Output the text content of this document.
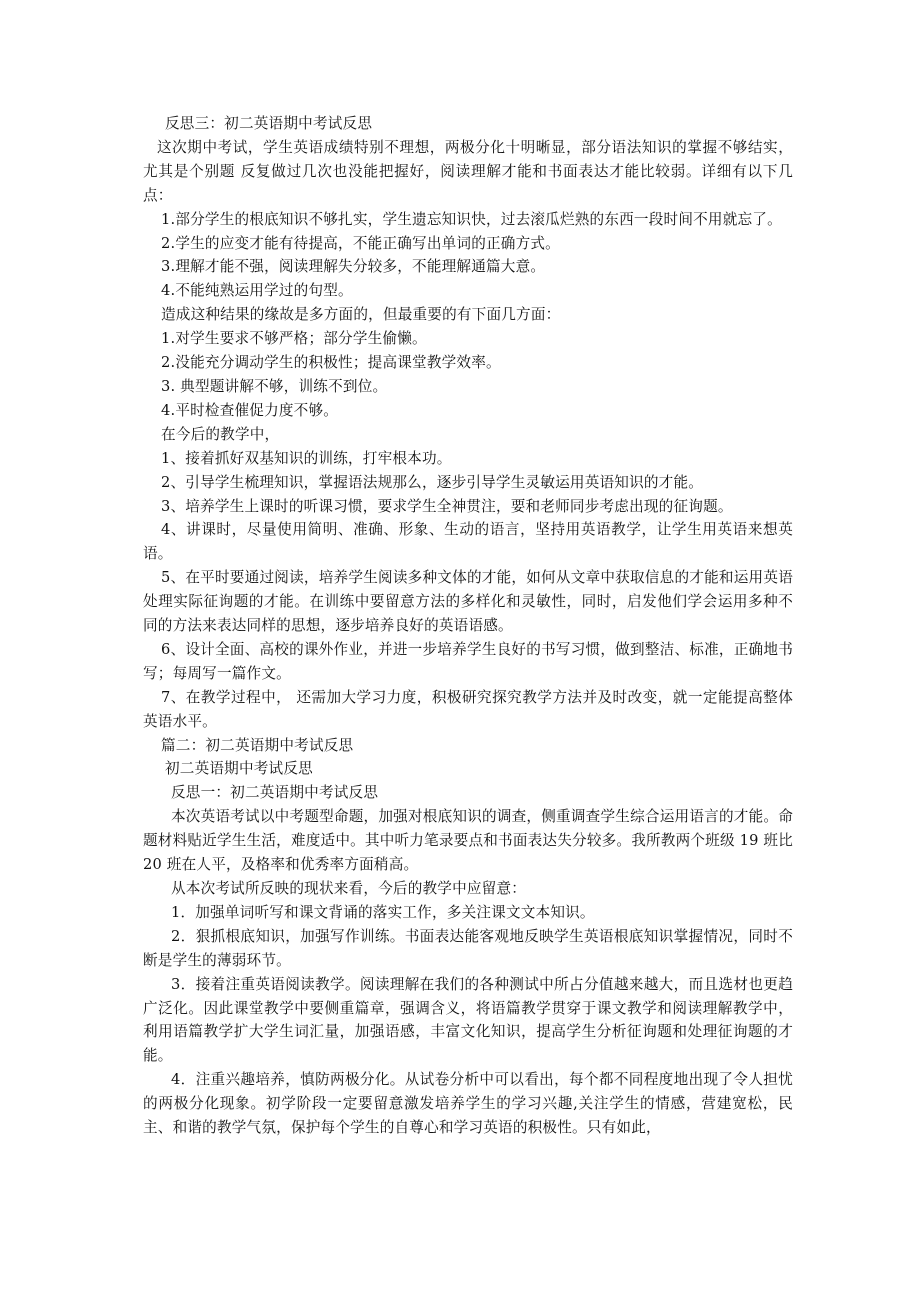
反思三：初二英语期中考试反思

这次期中考试，学生英语成绩特别不理想，两极分化十明晰显，部分语法知识的掌握不够结实，尤其是个别题 反复做过几次也没能把握好，阅读理解才能和书面表达才能比较弱。详细有以下几点：

1.部分学生的根底知识不够扎实，学生遗忘知识快，过去滚瓜烂熟的东西一段时间不用就忘了。

2.学生的应变才能有待提高，不能正确写出单词的正确方式。

3.理解才能不强，阅读理解失分较多，不能理解通篇大意。

4.不能纯熟运用学过的句型。

造成这种结果的缘故是多方面的，但最重要的有下面几方面：

1.对学生要求不够严格；部分学生偷懒。

2.没能充分调动学生的积极性；提高课堂教学效率。

3. 典型题讲解不够，训练不到位。

4.平时检查催促力度不够。

在今后的教学中，

1、接着抓好双基知识的训练，打牢根本功。

2、引导学生梳理知识，掌握语法规那么，逐步引导学生灵敏运用英语知识的才能。

3、培养学生上课时的听课习惯，要求学生全神贯注，要和老师同步考虑出现的征询题。

4、讲课时，尽量使用简明、准确、形象、生动的语言，坚持用英语教学，让学生用英语来想英语。

5、在平时要通过阅读，培养学生阅读多种文体的才能，如何从文章中获取信息的才能和运用英语处理实际征询题的才能。在训练中要留意方法的多样化和灵敏性，同时，启发他们学会运用多种不同的方法来表达同样的思想，逐步培养良好的英语语感。

6、设计全面、高校的课外作业，并进一步培养学生良好的书写习惯，做到整洁、标准，正确地书写；每周写一篇作文。

7、在教学过程中， 还需加大学习力度，积极研究探究教学方法并及时改变，就一定能提高整体英语水平。

篇二：初二英语期中考试反思

初二英语期中考试反思

反思一：初二英语期中考试反思

本次英语考试以中考题型命题，加强对根底知识的调查，侧重调查学生综合运用语言的才能。命题材料贴近学生生活，难度适中。其中听力笔录要点和书面表达失分较多。我所教两个班级 19 班比 20 班在人平，及格率和优秀率方面稍高。

从本次考试所反映的现状来看，今后的教学中应留意：

1．加强单词听写和课文背诵的落实工作，多关注课文文本知识。

2．狠抓根底知识，加强写作训练。书面表达能客观地反映学生英语根底知识掌握情况，同时不断是学生的薄弱环节。

3．接着注重英语阅读教学。阅读理解在我们的各种测试中所占分值越来越大，而且选材也更趋广泛化。因此课堂教学中要侧重篇章，强调含义，将语篇教学贯穿于课文教学和阅读理解教学中，利用语篇教学扩大学生词汇量，加强语感，丰富文化知识，提高学生分析征询题和处理征询题的才能。

4．注重兴趣培养，慎防两极分化。从试卷分析中可以看出，每个都不同程度地出现了令人担忧的两极分化现象。初学阶段一定要留意激发培养学生的学习兴趣,关注学生的情感，营建宽松，民主、和谐的教学气氛，保护每个学生的自尊心和学习英语的积极性。只有如此，
